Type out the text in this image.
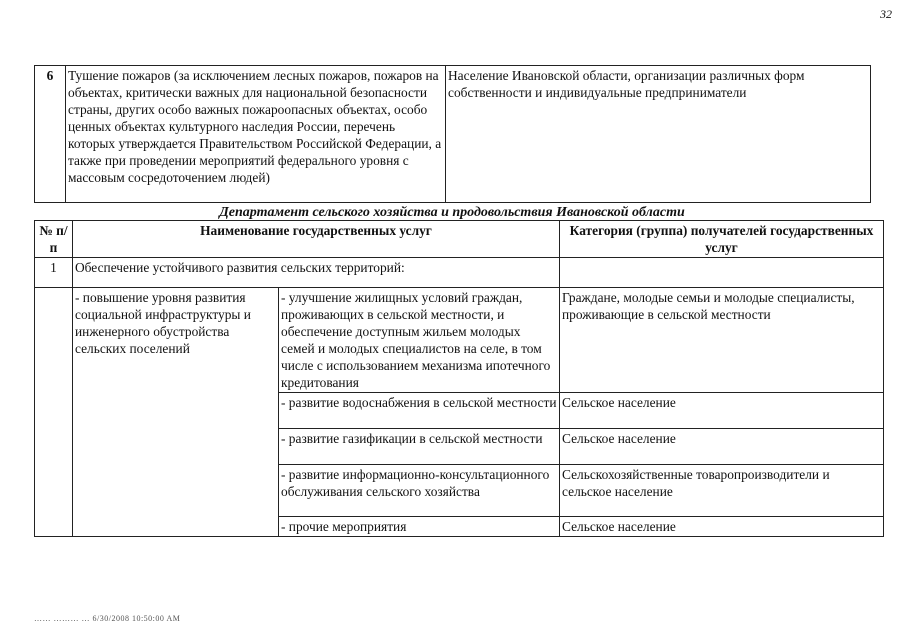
32
6	Тушение пожаров (за исключением лесных пожаров, пожаров на объектах, критически важных для национальной безопасности страны, других особо важных пожароопасных объектах, особо ценных объектах культурного наследия России, перечень которых утверждается Правительством Российской Федерации, а также при проведении мероприятий федерального уровня с массовым сосредоточением людей)	Население Ивановской области, организации различных форм собственности и индивидуальные предприниматели
Департамент сельского хозяйства и продовольствия Ивановской области
№ п/п	Наименование государственных услуг		Категория (группа) получателей государственных услуг
1	Обеспечение устойчивого развития сельских территорий:		
	- повышение уровня развития социальной инфраструктуры и инженерного обустройства сельских поселений	- улучшение жилищных условий граждан, проживающих в сельской местности, и обеспечение доступным жильем молодых семей и молодых специалистов на селе, в том числе с использованием механизма ипотечного кредитования	Граждане, молодые семьи и молодые специалисты, проживающие в сельской местности
		- развитие водоснабжения в сельской местности	Сельское население
		- развитие газификации в сельской местности	Сельское население
		- развитие информационно-консультационного обслуживания сельского хозяйства	Сельскохозяйственные товаропроизводители и сельское население
		- прочие мероприятия	Сельское население
…… ……… … 6/30/2008 10:50:00 AM
